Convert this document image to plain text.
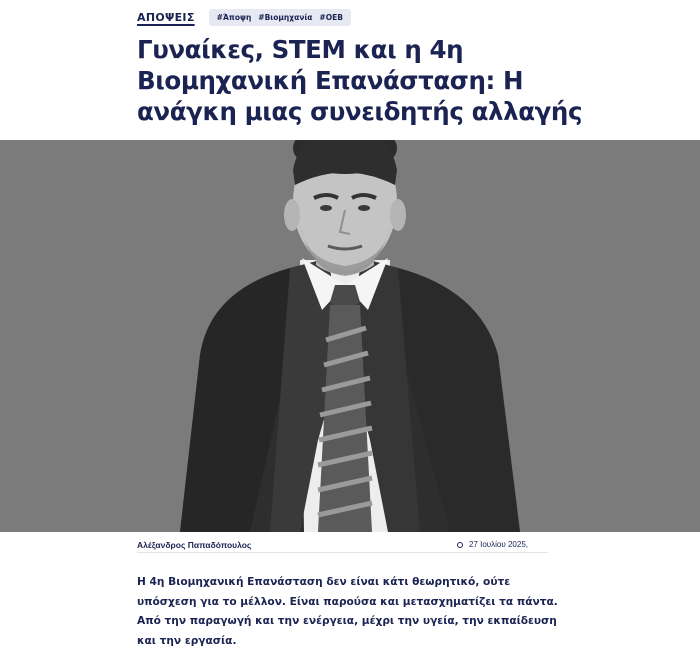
ΑΠΟΨΕΙΣ	#Άποψη #Βιομηχανία #ΟΕΒ
Γυναίκες, STEM και η 4η Βιομηχανική Επανάσταση: Η ανάγκη μιας συνειδητής αλλαγής
Αλέξανδρος Παπαδόπουλος	27 Ιουλίου 2025,

Η 4η Βιομηχανική Επανάσταση δεν είναι κάτι θεωρητικό, ούτε υπόσχεση για το μέλλον. Είναι παρούσα και μετασχηματίζει τα πάντα. Από την παραγωγή και την ενέργεια, μέχρι την υγεία, την εκπαίδευση και την εργασία.
